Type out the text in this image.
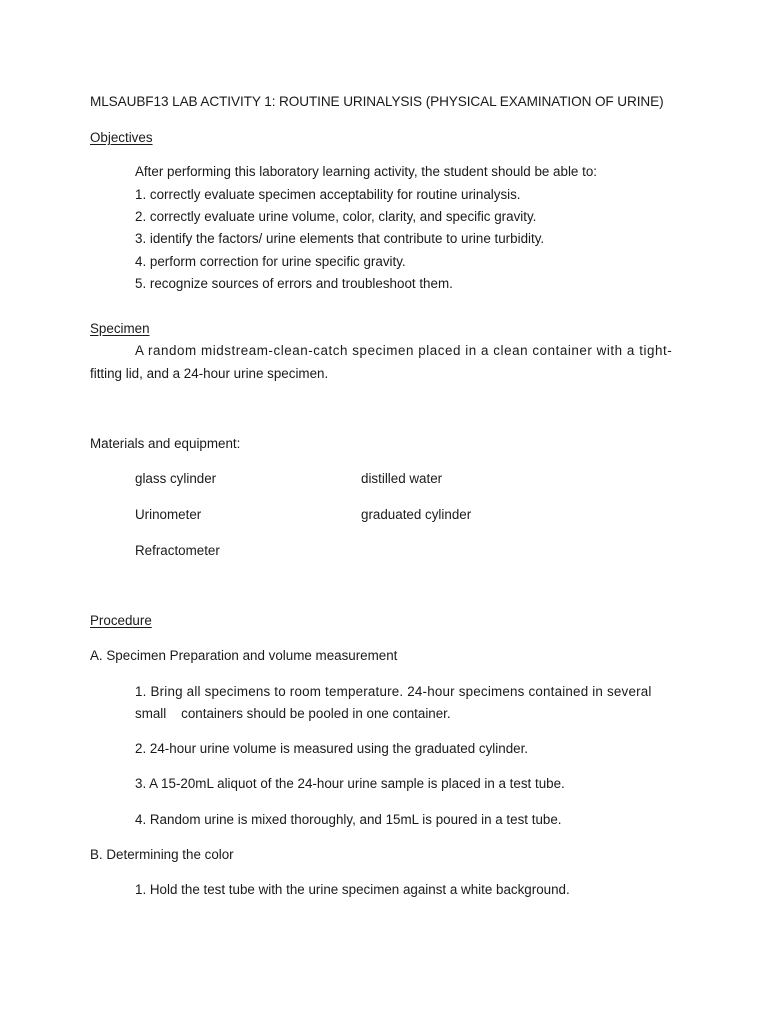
MLSAUBF13 LAB ACTIVITY 1: ROUTINE URINALYSIS (PHYSICAL EXAMINATION OF URINE)
Objectives
After performing this laboratory learning activity, the student should be able to:
1. correctly evaluate specimen acceptability for routine urinalysis.
2. correctly evaluate urine volume, color, clarity, and specific gravity.
3. identify the factors/ urine elements that contribute to urine turbidity.
4. perform correction for urine specific gravity.
5. recognize sources of errors and troubleshoot them.
Specimen
A random midstream-clean-catch specimen placed in a clean container with a tight-
fitting lid, and a 24-hour urine specimen.
Materials and equipment:
glass cylinder	distilled water
Urinometer	graduated cylinder
Refractometer
Procedure
A. Specimen Preparation and volume measurement
1. Bring all specimens to room temperature. 24-hour specimens contained in several
small    containers should be pooled in one container.
2. 24-hour urine volume is measured using the graduated cylinder.
3. A 15-20mL aliquot of the 24-hour urine sample is placed in a test tube.
4. Random urine is mixed thoroughly, and 15mL is poured in a test tube.
B. Determining the color
1. Hold the test tube with the urine specimen against a white background.
